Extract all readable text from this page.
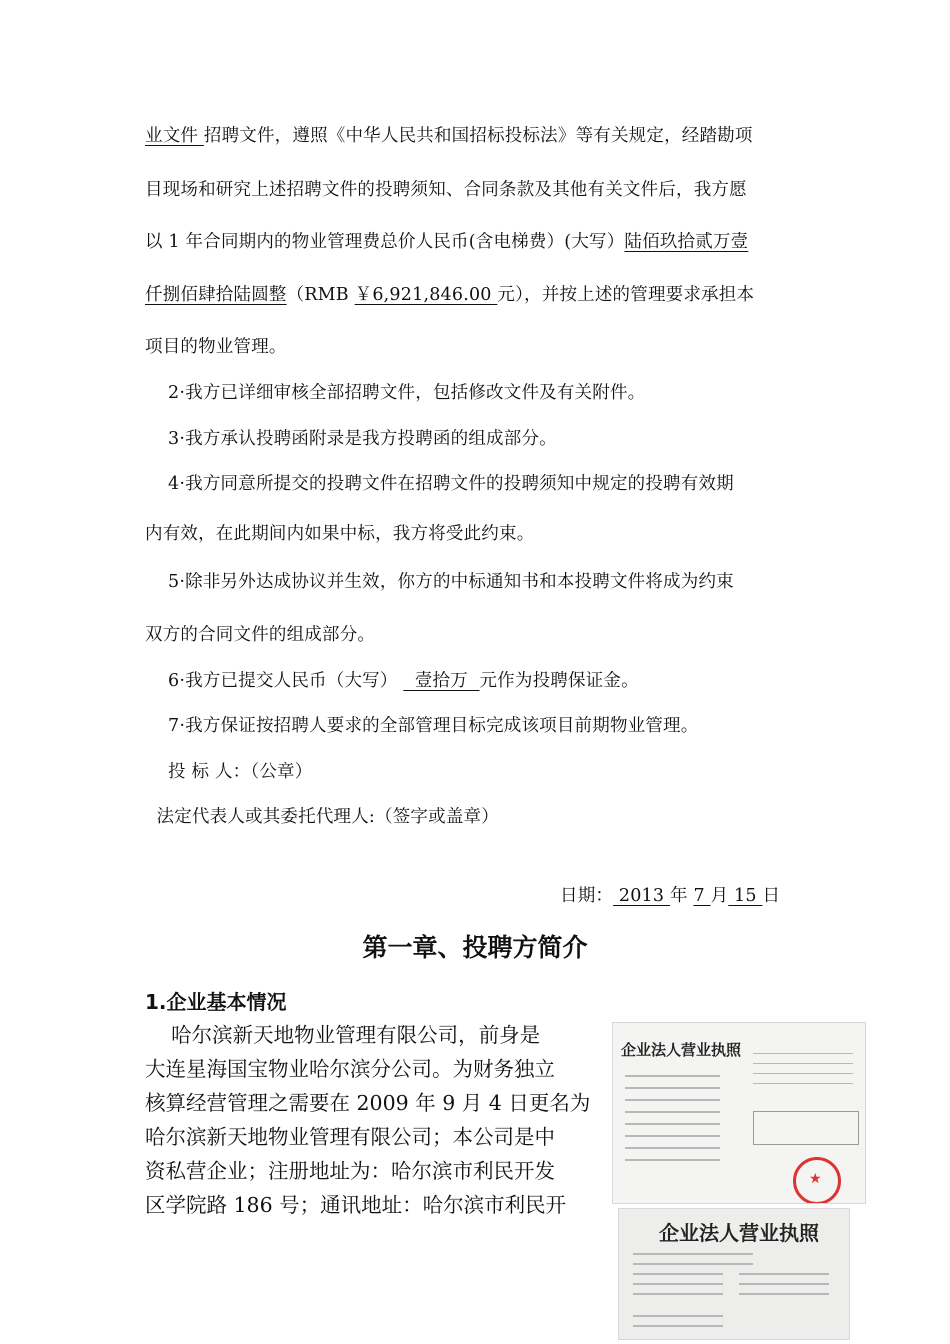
业文件 招聘文件，遵照《中华人民共和国招标投标法》等有关规定，经踏勘项
目现场和研究上述招聘文件的投聘须知、合同条款及其他有关文件后，我方愿
以 1 年合同期内的物业管理费总价人民币(含电梯费）(大写）陆佰玖拾贰万壹
仟捌佰肆拾陆圆整（RMB ￥6,921,846.00 元），并按上述的管理要求承担本
项目的物业管理。
2·我方已详细审核全部招聘文件，包括修改文件及有关附件。
3·我方承认投聘函附录是我方投聘函的组成部分。
4·我方同意所提交的投聘文件在招聘文件的投聘须知中规定的投聘有效期
内有效，在此期间内如果中标，我方将受此约束。
5·除非另外达成协议并生效，你方的中标通知书和本投聘文件将成为约束
双方的合同文件的组成部分。
6·我方已提交人民币（大写）   壹拾万  元作为投聘保证金。
7·我方保证按招聘人要求的全部管理目标完成该项目前期物业管理。
投 标 人：（公章）
法定代表人或其委托代理人:（签字或盖章）
日期： 2013 年 7 月 15 日
第一章、投聘方简介
1.企业基本情况
哈尔滨新天地物业管理有限公司，前身是
大连星海国宝物业哈尔滨分公司。为财务独立
核算经营管理之需要在 2009 年 9 月 4 日更名为
哈尔滨新天地物业管理有限公司；本公司是中
资私营企业；注册地址为：哈尔滨市利民开发
区学院路 186 号；通讯地址：哈尔滨市利民开
企业法人营业执照
★
企业法人营业执照
